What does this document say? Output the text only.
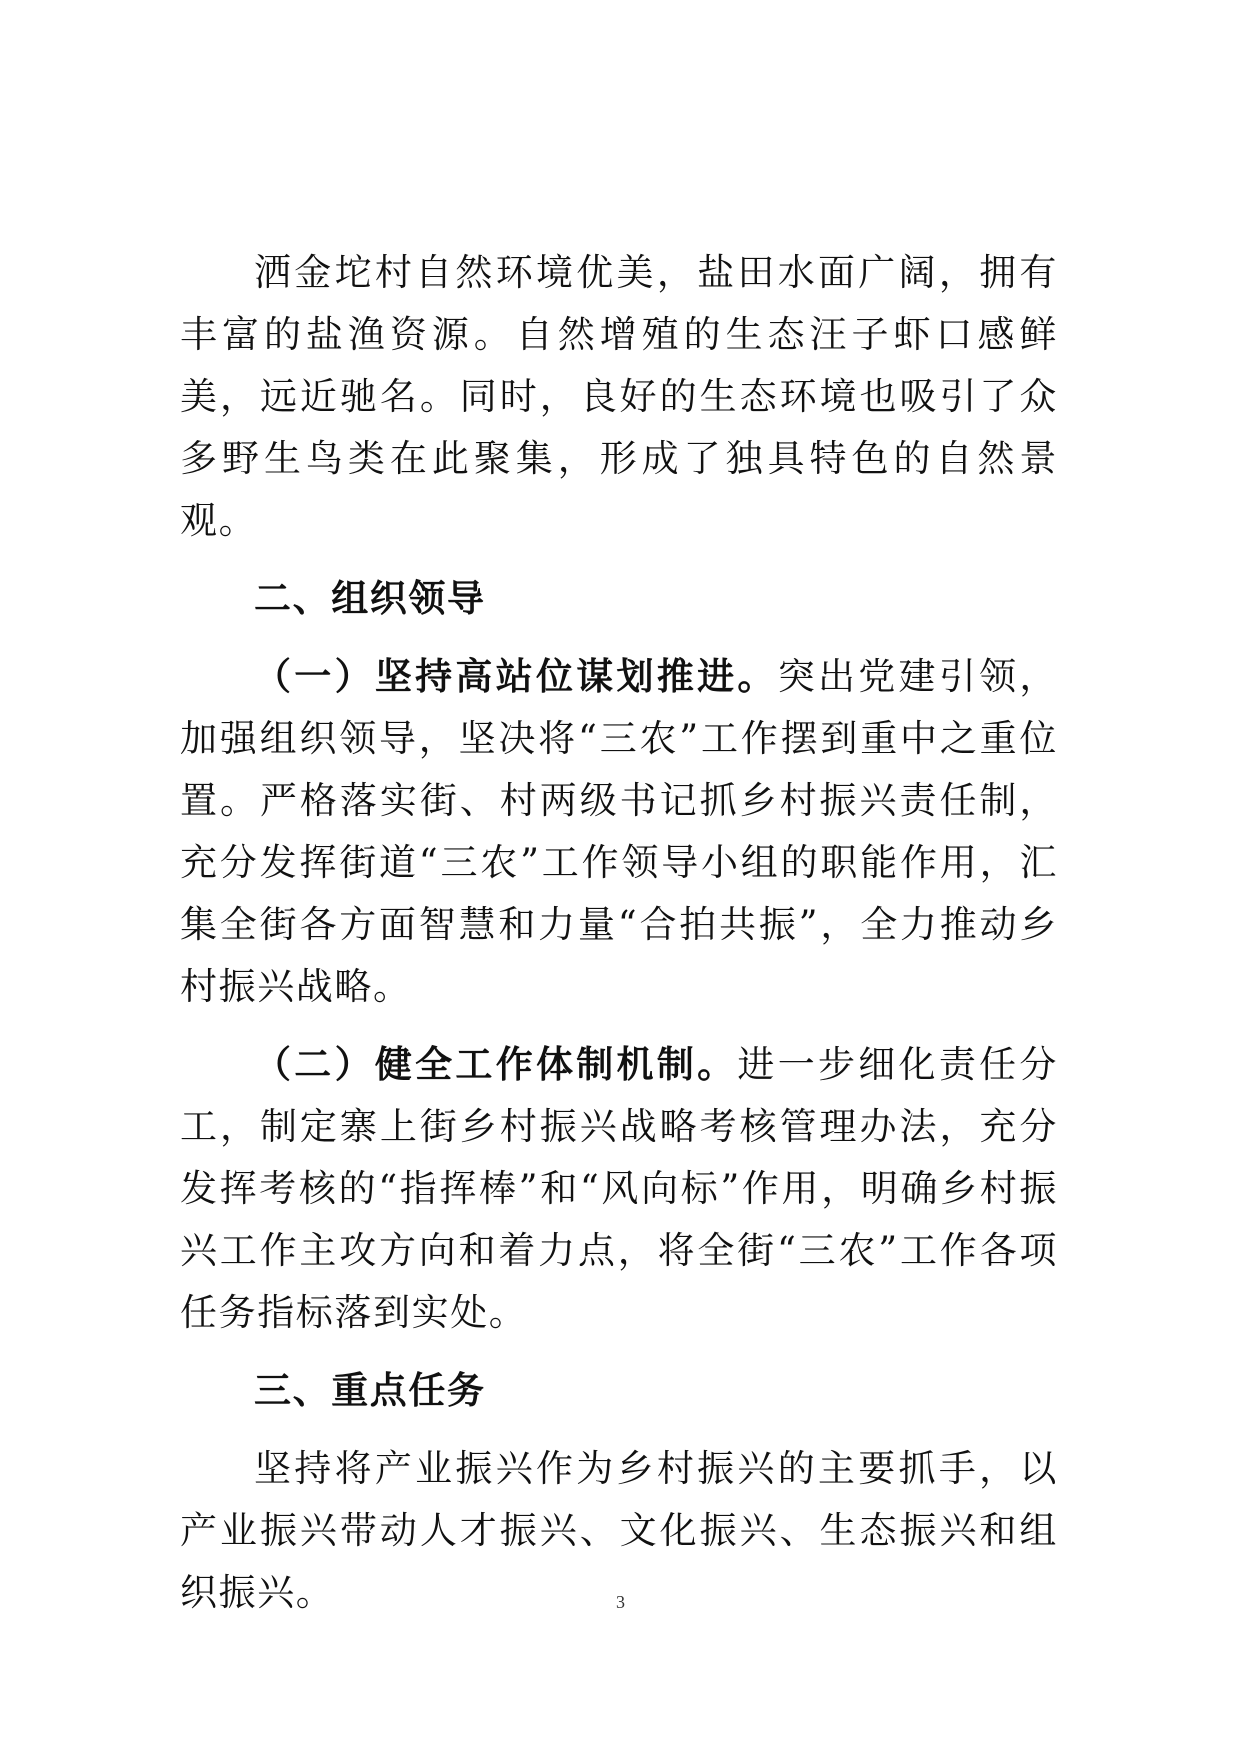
洒金坨村自然环境优美，盐田水面广阔，拥有丰富的盐渔资源。自然增殖的生态汪子虾口感鲜美，远近驰名。同时，良好的生态环境也吸引了众多野生鸟类在此聚集，形成了独具特色的自然景观。

二、组织领导

（一）坚持高站位谋划推进。突出党建引领，加强组织领导，坚决将“三农”工作摆到重中之重位置。严格落实街、村两级书记抓乡村振兴责任制，充分发挥街道“三农”工作领导小组的职能作用，汇集全街各方面智慧和力量“合拍共振”，全力推动乡村振兴战略。

（二）健全工作体制机制。进一步细化责任分工，制定寨上街乡村振兴战略考核管理办法，充分发挥考核的“指挥棒”和“风向标”作用，明确乡村振兴工作主攻方向和着力点，将全街“三农”工作各项任务指标落到实处。

三、重点任务

坚持将产业振兴作为乡村振兴的主要抓手，以产业振兴带动人才振兴、文化振兴、生态振兴和组织振兴。	3
